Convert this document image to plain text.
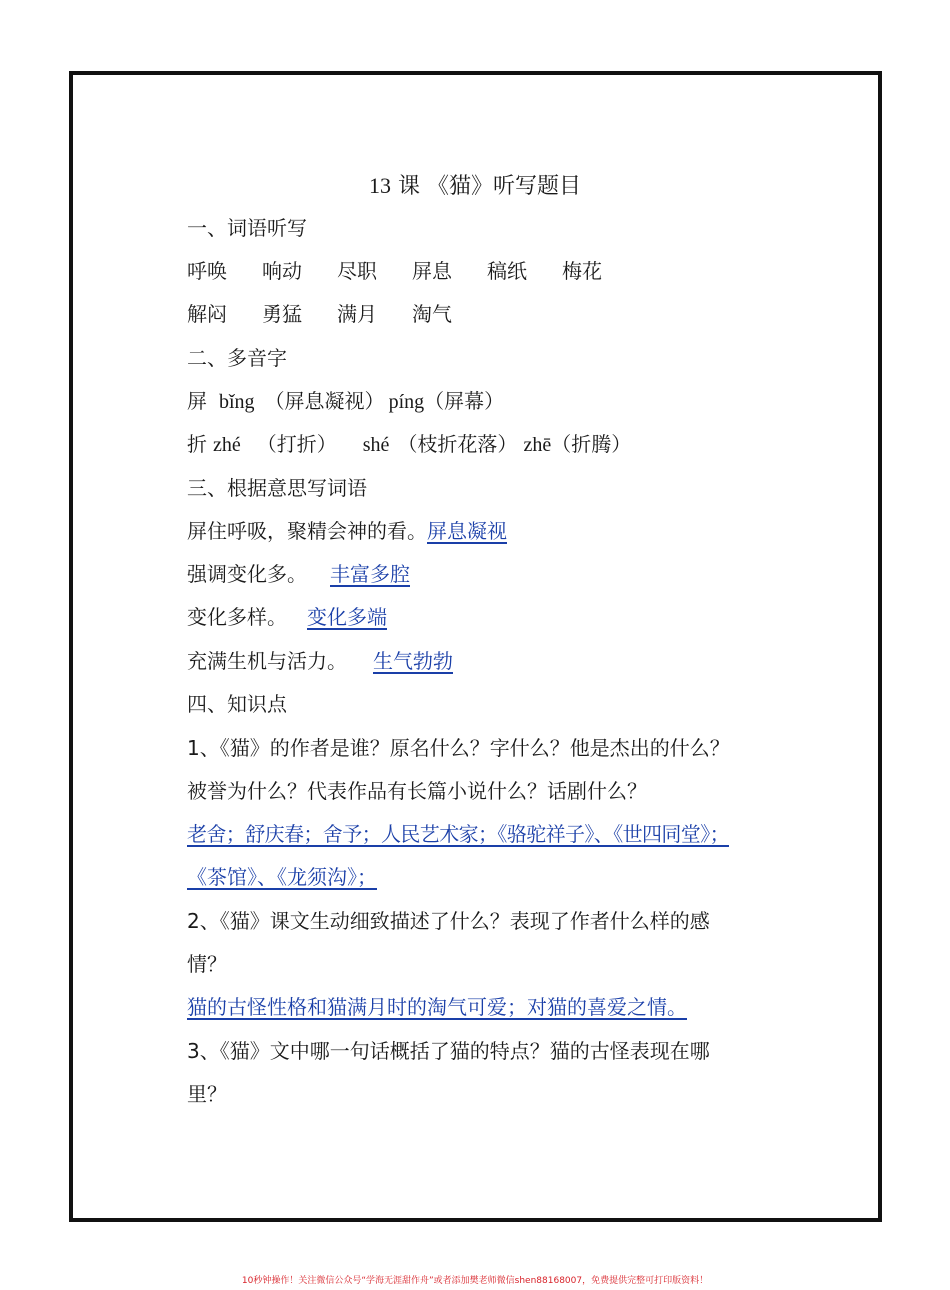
13 课 《猫》听写题目
一、词语听写
呼唤 响动 尽职 屏息 稿纸 梅花
解闷 勇猛 满月 淘气
二、多音字
屏 bǐng （屏息凝视） píng（屏幕）
折 zhé （打折） shé （枝折花落） zhē（折腾）
三、根据意思写词语
屏住呼吸，聚精会神的看。屏息凝视
强调变化多。 丰富多腔
变化多样。 变化多端
充满生机与活力。 生气勃勃
四、知识点
1、《猫》的作者是谁？原名什么？字什么？他是杰出的什么？
被誉为什么？代表作品有长篇小说什么？话剧什么？
老舍；舒庆春；舍予；人民艺术家；《骆驼祥子》、《世四同堂》；
《茶馆》、《龙须沟》；
2、《猫》课文生动细致描述了什么？表现了作者什么样的感
情？
猫的古怪性格和猫满月时的淘气可爱；对猫的喜爱之情。
3、《猫》文中哪一句话概括了猫的特点？猫的古怪表现在哪
里？
10秒钟操作！关注微信公众号“学海无涯甜作舟”或者添加樊老师微信shen88168007，免费提供完整可打印版资料！
